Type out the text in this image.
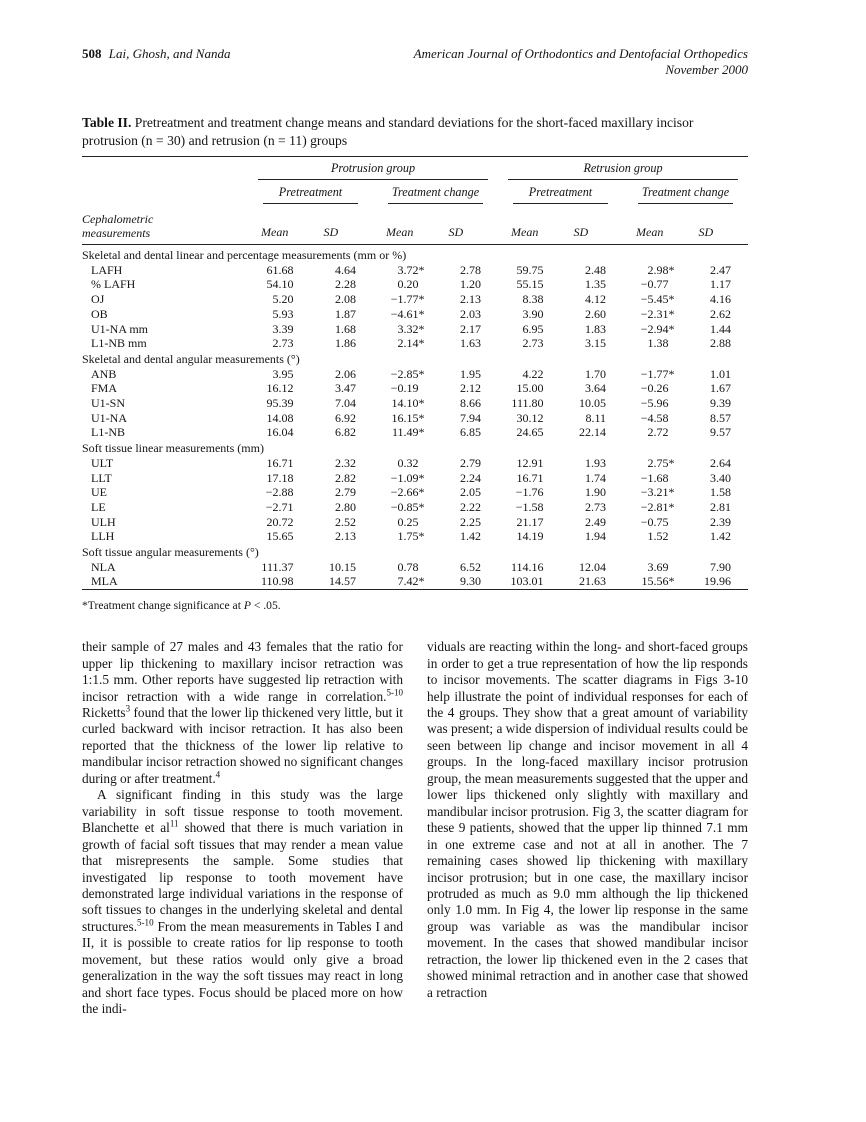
508 Lai, Ghosh, and Nanda	American Journal of Orthodontics and Dentofacial Orthopedics
November 2000

Table II. Pretreatment and treatment change means and standard deviations for the short-faced maxillary incisor protrusion (n = 30) and retrusion (n = 11) groups

	Protrusion group				Retrusion group			

	Pretreatment		Treatment change		Pretreatment		Treatment change	

Cephalometric measurements	Mean	SD	Mean	SD	Mean	SD	Mean	SD
Skeletal and dental linear and percentage measurements (mm or %)								
LAFH	61.68	4.64	3.72*	2.78	59.75	2.48	2.98*	2.47
% LAFH	54.10	2.28	0.20	1.20	55.15	1.35	−0.77	1.17
OJ	5.20	2.08	−1.77*	2.13	8.38	4.12	−5.45*	4.16
OB	5.93	1.87	−4.61*	2.03	3.90	2.60	−2.31*	2.62
U1-NA mm	3.39	1.68	3.32*	2.17	6.95	1.83	−2.94*	1.44
L1-NB mm	2.73	1.86	2.14*	1.63	2.73	3.15	1.38	2.88
Skeletal and dental angular measurements (°)								
ANB	3.95	2.06	−2.85*	1.95	4.22	1.70	−1.77*	1.01
FMA	16.12	3.47	−0.19	2.12	15.00	3.64	−0.26	1.67
U1-SN	95.39	7.04	14.10*	8.66	111.80	10.05	−5.96	9.39
U1-NA	14.08	6.92	16.15*	7.94	30.12	8.11	−4.58	8.57
L1-NB	16.04	6.82	11.49*	6.85	24.65	22.14	2.72	9.57
Soft tissue linear measurements (mm)								
ULT	16.71	2.32	0.32	2.79	12.91	1.93	2.75*	2.64
LLT	17.18	2.82	−1.09*	2.24	16.71	1.74	−1.68	3.40
UE	−2.88	2.79	−2.66*	2.05	−1.76	1.90	−3.21*	1.58
LE	−2.71	2.80	−0.85*	2.22	−1.58	2.73	−2.81*	2.81
ULH	20.72	2.52	0.25	2.25	21.17	2.49	−0.75	2.39
LLH	15.65	2.13	1.75*	1.42	14.19	1.94	1.52	1.42
Soft tissue angular measurements (°)								
NLA	111.37	10.15	0.78	6.52	114.16	12.04	3.69	7.90
MLA	110.98	14.57	7.42*	9.30	103.01	21.63	15.56*	19.96

*Treatment change significance at P < .05.

their sample of 27 males and 43 females that the ratio for upper lip thickening to maxillary incisor retraction was 1:1.5 mm. Other reports have suggested lip retraction with incisor retraction with a wide range in correlation.$^{5-10}$ Ricketts$^3$ found that the lower lip thickened very little, but it curled backward with incisor retraction. It has also been reported that the thickness of the lower lip relative to mandibular incisor retraction showed no significant changes during or after treatment.$^4$

A significant finding in this study was the large variability in soft tissue response to tooth movement. Blanchette et $al^{11}$ showed that there is much variation in growth of facial soft tissues that may render a mean value that misrepresents the sample. Some studies that investigated lip response to tooth movement have demonstrated large individual variations in the response of soft tissues to changes in the underlying skeletal and dental structures.$^{5-10}$ From the mean measurements in Tables I and II, it is possible to create ratios for lip response to tooth movement, but these ratios would only give a broad generalization in the way the soft tissues may react in long and short face types. Focus should be placed more on how the indi-

viduals are reacting within the long- and short-faced groups in order to get a true representation of how the lip responds to incisor movements. The scatter diagrams in Figs 3-10 help illustrate the point of individual responses for each of the 4 groups. They show that a great amount of variability was present; a wide dispersion of individual results could be seen between lip change and incisor movement in all 4 groups. In the long-faced maxillary incisor protrusion group, the mean measurements suggested that the upper and lower lips thickened only slightly with maxillary and mandibular incisor protrusion. Fig 3, the scatter diagram for these 9 patients, showed that the upper lip thinned 7.1 mm in one extreme case and not at all in another. The 7 remaining cases showed lip thickening with maxillary incisor protrusion; but in one case, the maxillary incisor protruded as much as 9.0 mm although the lip thickened only 1.0 mm. In Fig 4, the lower lip response in the same group was variable as was the mandibular incisor movement. In the cases that showed mandibular incisor retraction, the lower lip thickened even in the 2 cases that showed minimal retraction and in another case that showed a retraction
